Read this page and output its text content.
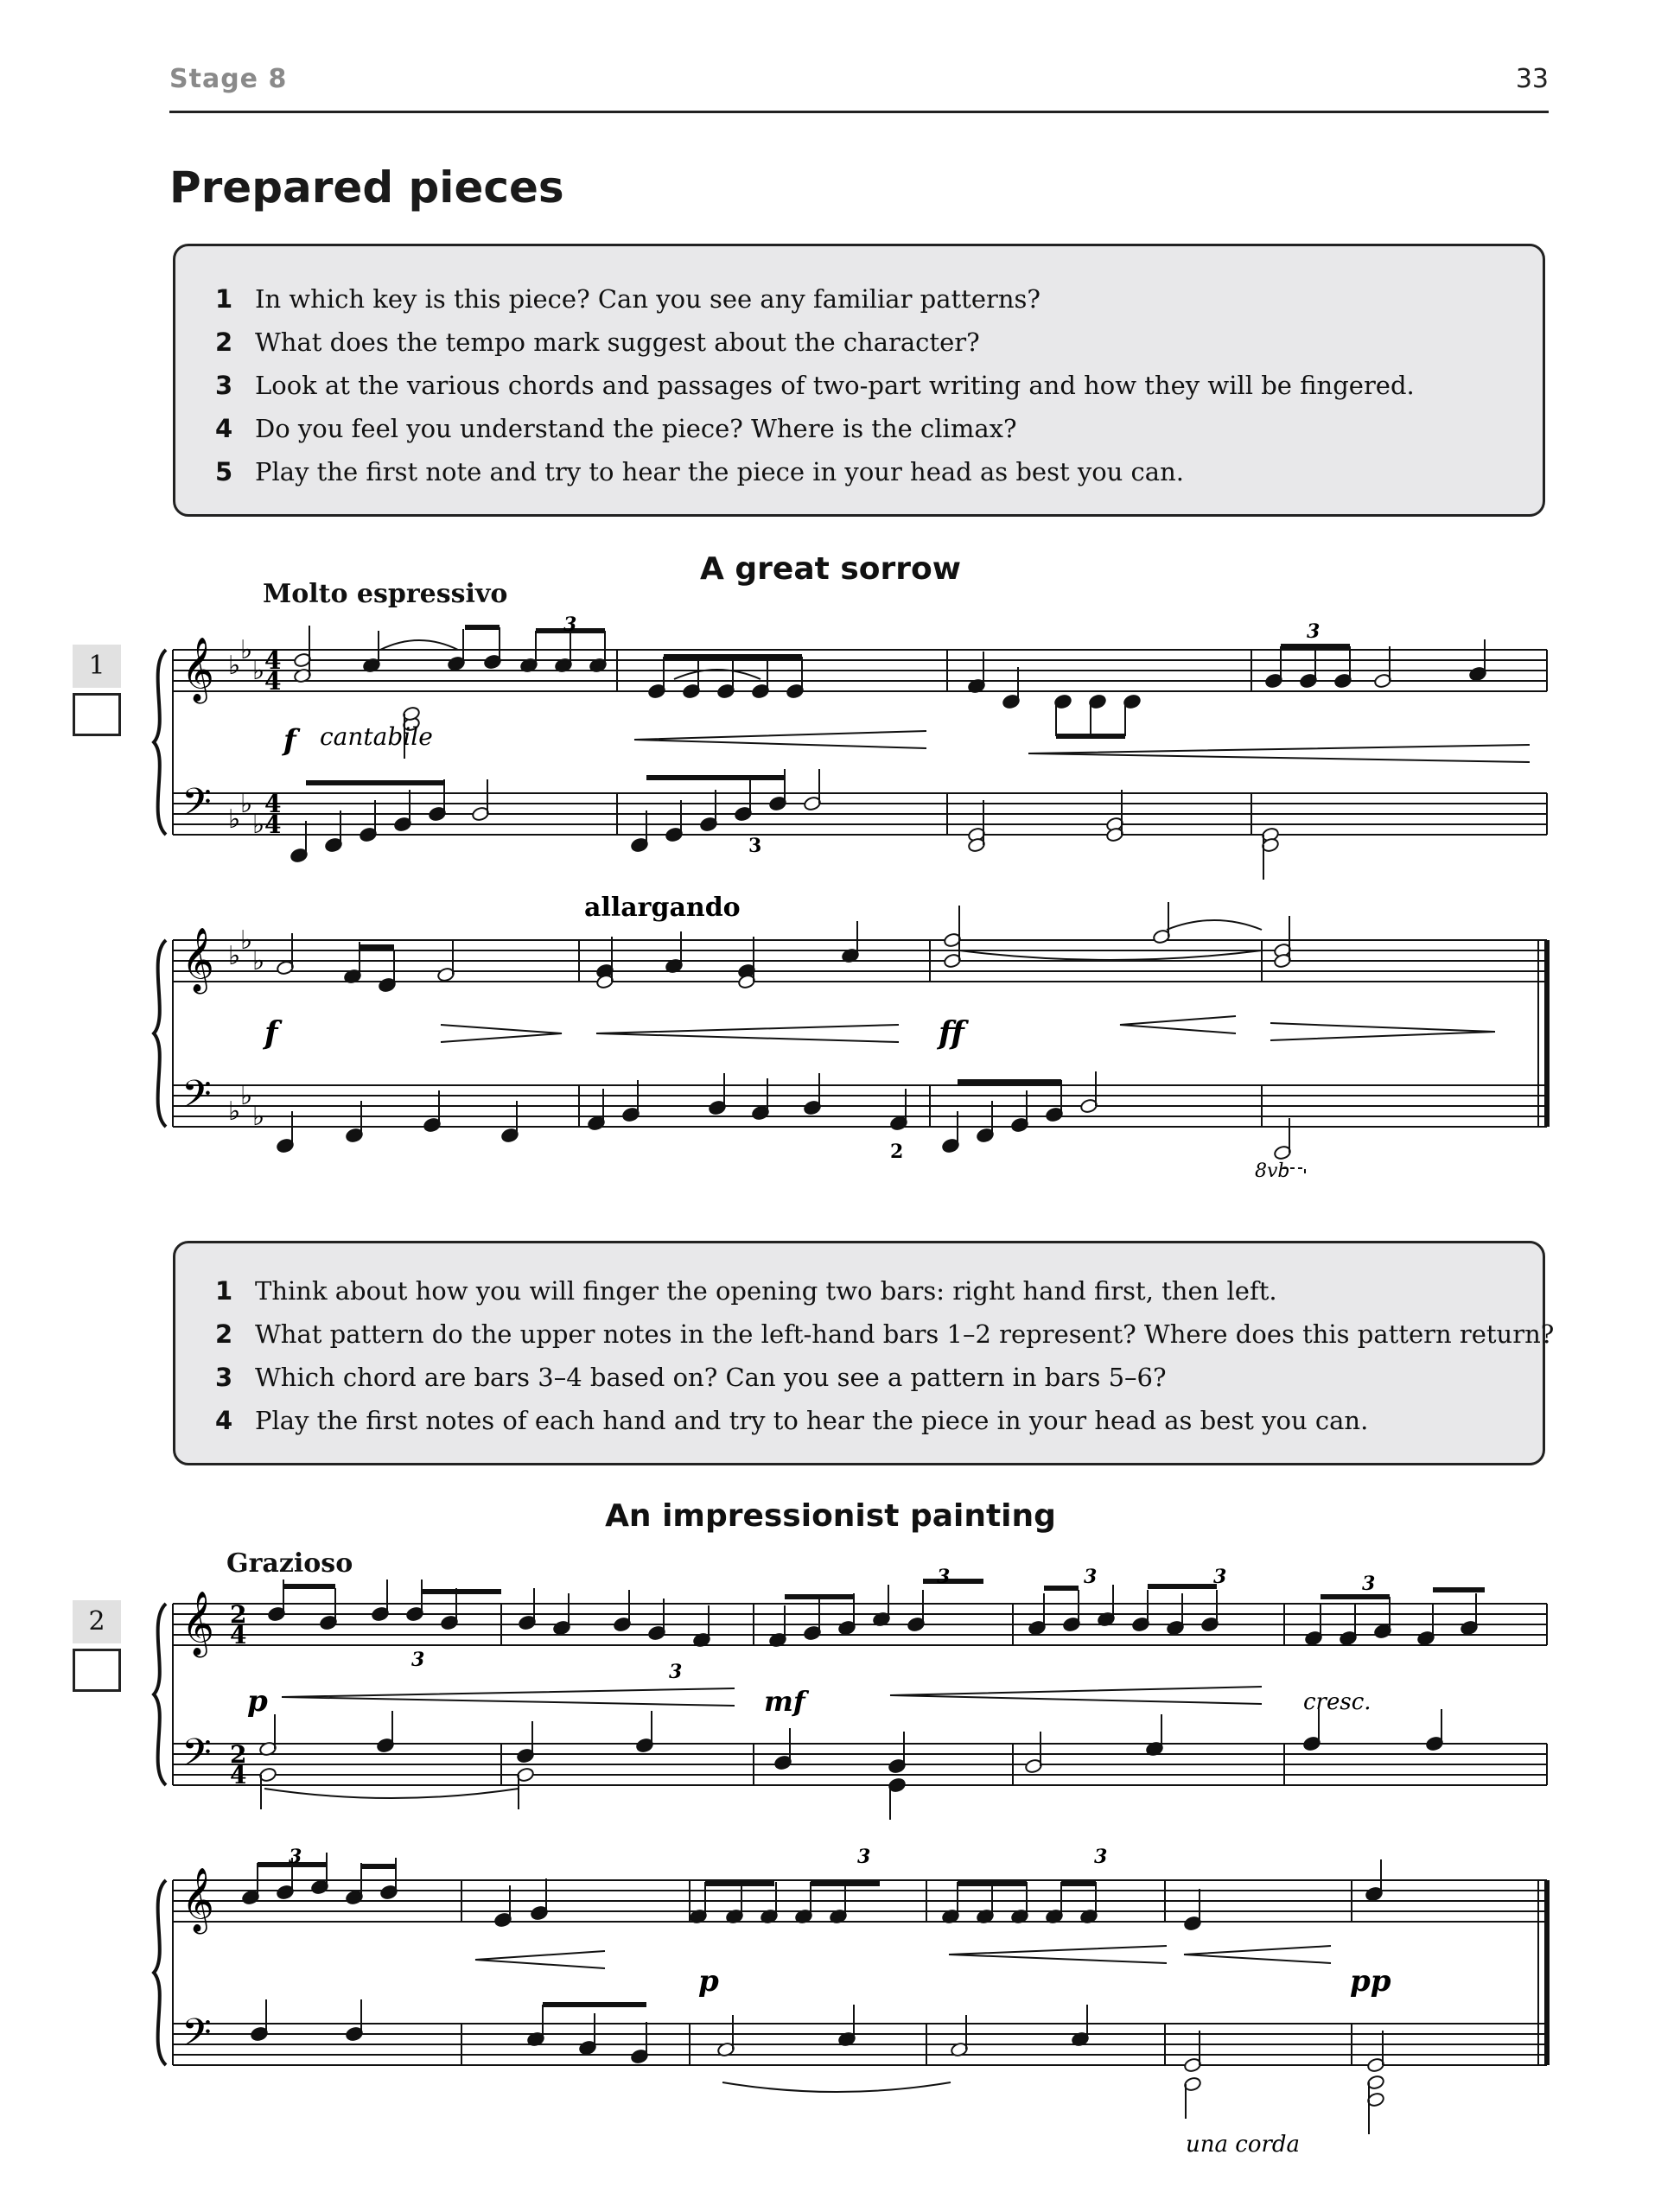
Stage 8	33
Prepared pieces
1 In which key is this piece? Can you see any familiar patterns?
2 What does the tempo mark suggest about the character?
3 Look at the various chords and passages of two-part writing and how they will be fingered.
4 Do you feel you understand the piece? Where is the climax?
5 Play the first note and try to hear the piece in your head as best you can.
A great sorrow
Molto espressivo
1
1 Think about how you will finger the opening two bars: right hand first, then left.
2 What pattern do the upper notes in the left-hand bars 1–2 represent? Where does this pattern return?
3 Which chord are bars 3–4 based on? Can you see a pattern in bars 5–6?
4 Play the first notes of each hand and try to hear the piece in your head as best you can.
An impressionist painting
Grazioso
2
𝄞
𝄢
♭
♭
♭
♭
♭
♭
𝄞
𝄢
♭
♭
♭
♭
♭
♭
𝄞
𝄢
𝄞
𝄢
4
4
4
4
2
4
2
4
f cantabile
allargando
f	ff
8vb
2
3	3
3
p	mf	cresc.
p	pp
una corda
3	3	3	3
3
3
3	3	3
